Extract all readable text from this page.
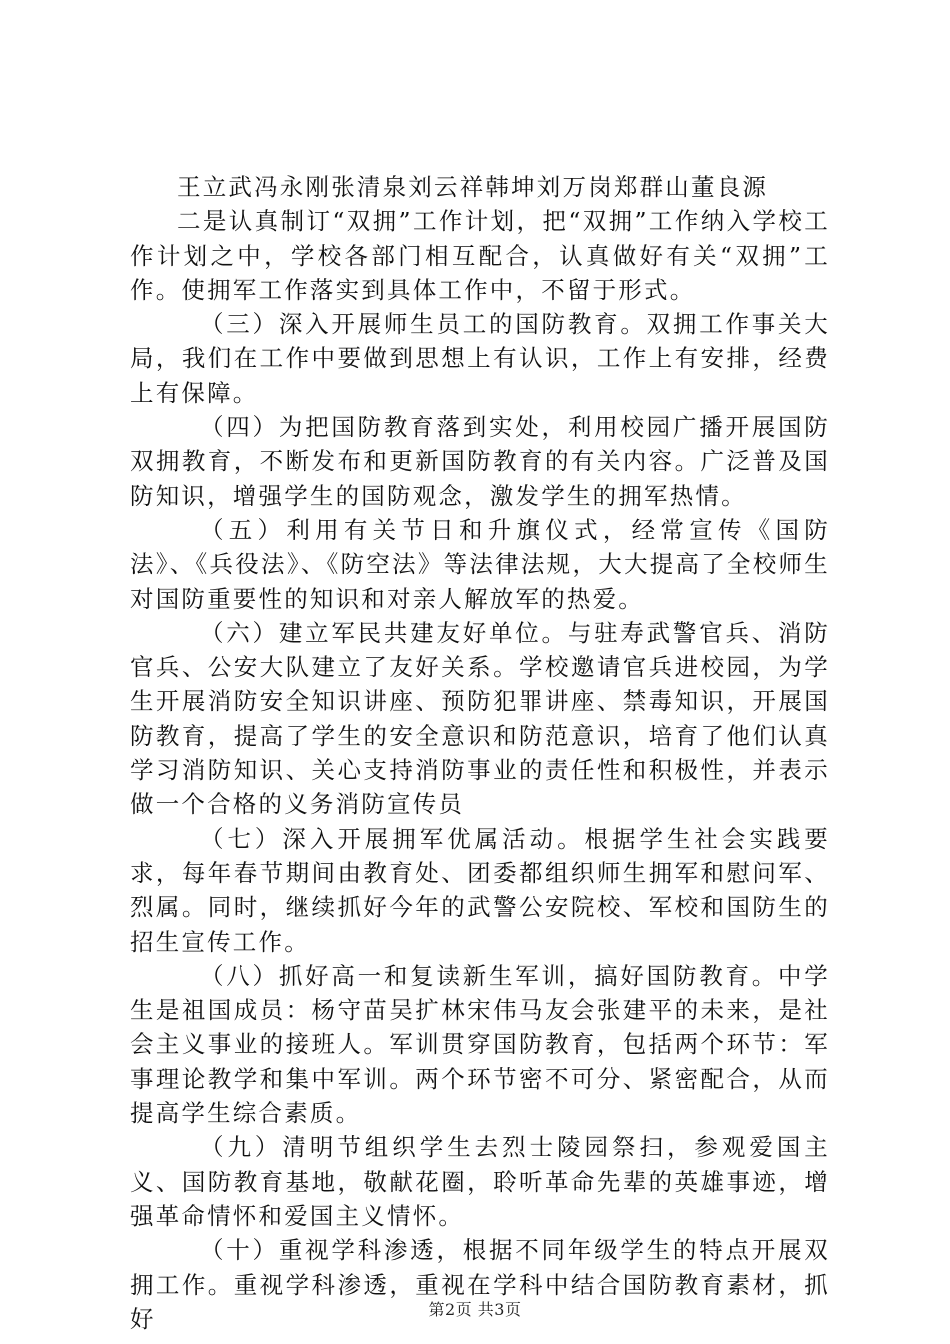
王立武冯永刚张清泉刘云祥韩坤刘万岗郑群山董良源

二是认真制订“双拥”工作计划，把“双拥”工作纳入学校工作计划之中，学校各部门相互配合，认真做好有关“双拥”工作。使拥军工作落实到具体工作中，不留于形式。

（三）深入开展师生员工的国防教育。双拥工作事关大局，我们在工作中要做到思想上有认识，工作上有安排，经费上有保障。

（四）为把国防教育落到实处，利用校园广播开展国防双拥教育，不断发布和更新国防教育的有关内容。广泛普及国防知识，增强学生的国防观念，激发学生的拥军热情。

（五）利用有关节日和升旗仪式，经常宣传《国防法》、《兵役法》、《防空法》等法律法规，大大提高了全校师生对国防重要性的知识和对亲人解放军的热爱。

（六）建立军民共建友好单位。与驻寿武警官兵、消防官兵、公安大队建立了友好关系。学校邀请官兵进校园，为学生开展消防安全知识讲座、预防犯罪讲座、禁毒知识，开展国防教育，提高了学生的安全意识和防范意识，培育了他们认真学习消防知识、关心支持消防事业的责任性和积极性，并表示做一个合格的义务消防宣传员

（七）深入开展拥军优属活动。根据学生社会实践要求，每年春节期间由教育处、团委都组织师生拥军和慰问军、烈属。同时，继续抓好今年的武警公安院校、军校和国防生的招生宣传工作。

（八）抓好高一和复读新生军训，搞好国防教育。中学生是祖国成员：杨守苗吴扩林宋伟马友会张建平的未来，是社会主义事业的接班人。军训贯穿国防教育，包括两个环节：军事理论教学和集中军训。两个环节密不可分、紧密配合，从而提高学生综合素质。

（九）清明节组织学生去烈士陵园祭扫，参观爱国主义、国防教育基地，敬献花圈，聆听革命先辈的英雄事迹，增强革命情怀和爱国主义情怀。

（十）重视学科渗透，根据不同年级学生的特点开展双拥工作。重视学科渗透，重视在学科中结合国防教育素材，抓好	第2页 共3页
